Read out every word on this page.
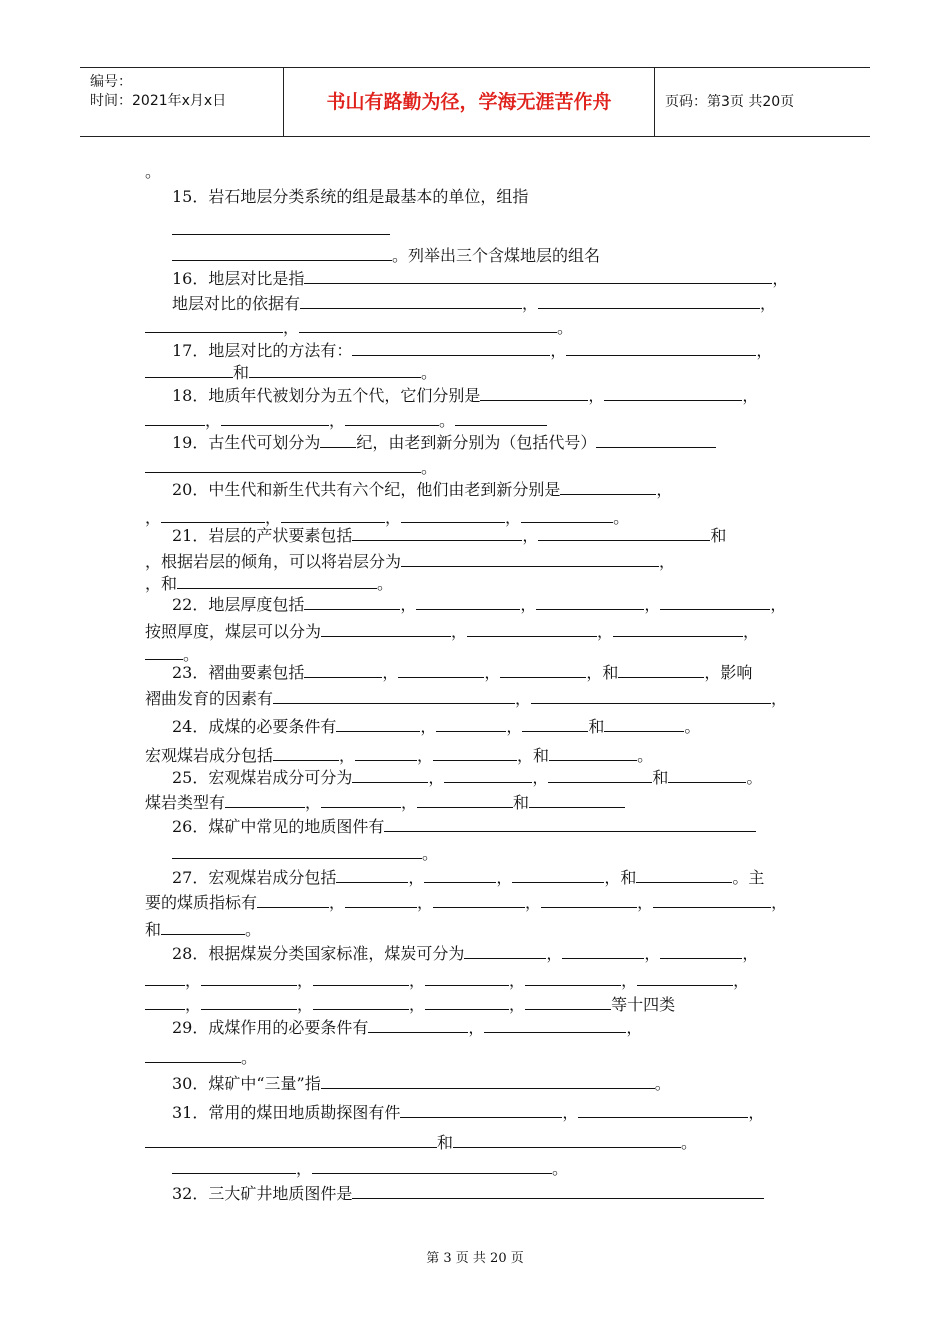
编号：
时间：2021年x月x日	书山有路勤为径，学海无涯苦作舟	页码：第3页 共20页
。
15．岩石地层分类系统的组是最基本的单位，组指
。列举出三个含煤地层的组名
16．地层对比是指	，
地层对比的依据有	，	，
，	。
17．地层对比的方法有：	，	，
和	。
18．地质年代被划分为五个代，它们分别是	，	，
，	，	。
19．古生代可划分为 纪，由老到新分别为（包括代号）
。
20．中生代和新生代共有六个纪，他们由老到新分别是	，
，	，	，	，	。
21．岩层的产状要素包括	，	和
，根据岩层的倾角，可以将岩层分为	，
，和	。
22．地层厚度包括	，	，	，	，
按照厚度，煤层可以分为	，	，	，
。
23．褶曲要素包括	，	，	，和	，影响
褶曲发育的因素有	，	，
24．成煤的必要条件有	，	，	和	。
宏观煤岩成分包括	，	，	，和	。
25．宏观煤岩成分可分为	，	，	和	。
煤岩类型有	，	，	和
26．煤矿中常见的地质图件有
。
27．宏观煤岩成分包括	，	，	，和	。主
要的煤质指标有	，	，	，	，	，
和	。
28．根据煤炭分类国家标准，煤炭可分为	，	，	，
，	，	，	，	，	，
，	，	，	，	等十四类
29．成煤作用的必要条件有	，	，
。
30．煤矿中“三量”指	。
31．常用的煤田地质勘探图有件	，	，
和	。
，	。
32．三大矿井地质图件是
第 3 页 共 20 页
